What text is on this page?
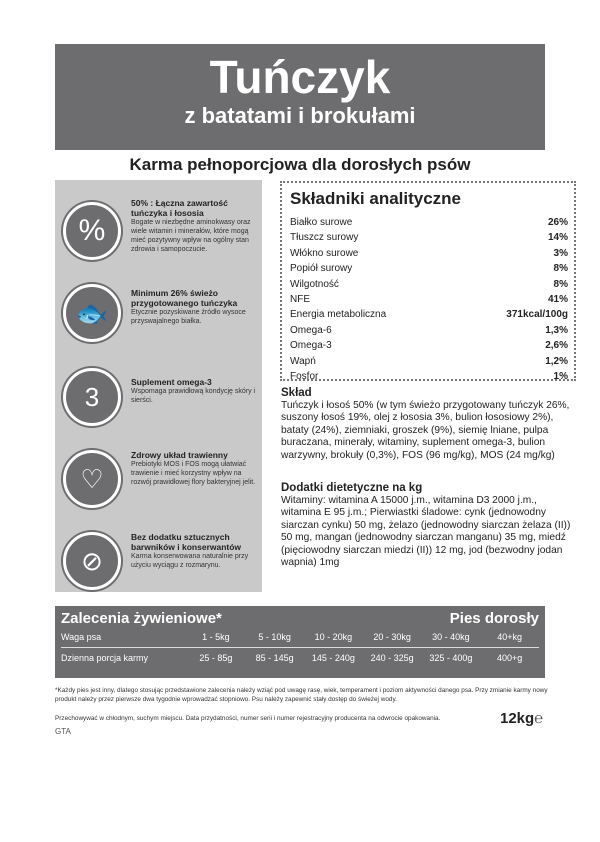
Tuńczyk
z batatami i brokułami
Karma pełnoporcjowa dla dorosłych psów
%
50% : Łączna zawartość tuńczyka i łososia
Bogate w niezbędne aminokwasy oraz wiele witamin i minerałów, które mogą mieć pozytywny wpływ na ogólny stan zdrowia i samopoczucie.
🐟
Minimum 26% świeżo przygotowanego tuńczyka
Etycznie pozyskiwane źródło wysoce przyswajalnego białka.
3	Suplement omega-3
Wspomaga prawidłową kondycję skóry i sierści.
♡
Zdrowy układ trawienny
Prebiotyki MOS i FOS mogą ułatwiać trawienie i mieć korzystny wpływ na rozwój prawidłowej flory bakteryjnej jelit.
⊘
Bez dodatku sztucznych barwników i konserwantów
Karma konserwowana naturalnie przy użyciu wyciągu z rozmarynu.
Składniki analityczne
Białko surowe	26%
Tłuszcz surowy	14%
Włókno surowe	3%
Popiół surowy	8%
Wilgotność	8%
NFE	41%
Energia metaboliczna	371kcal/100g
Omega-6	1,3%
Omega-3	2,6%
Wapń	1,2%
Fosfor	1%
Skład
Tuńczyk i łosoś 50% (w tym świeżo przygotowany tuńczyk 26%, suszony łosoś 19%, olej z łososia 3%, bulion łososiowy 2%), bataty (24%), ziemniaki, groszek (9%), siemię lniane, pulpa buraczana, minerały, witaminy, suplement omega-3, bulion warzywny, brokuły (0,3%), FOS (96 mg/kg), MOS (24 mg/kg)
Dodatki dietetyczne na kg
Witaminy: witamina A 15000 j.m., witamina D3 2000 j.m., witamina E 95 j.m.; Pierwiastki śladowe: cynk (jednowodny siarczan cynku) 50 mg, żelazo (jednowodny siarczan żelaza (II)) 50 mg, mangan (jednowodny siarczan manganu) 35 mg, miedź (pięciowodny siarczan miedzi (II)) 12 mg, jod (bezwodny jodan wapnia) 1mg
Zalecenia żywieniowe*	Pies dorosły
Waga psa	1 - 5kg	5 - 10kg	10 - 20kg	20 - 30kg	30 - 40kg	40+kg
Dzienna porcja karmy	25 - 85g	85 - 145g	145 - 240g	240 - 325g	325 - 400g	400+g
*Każdy pies jest inny, dlatego stosując przedstawione zalecenia należy wziąć pod uwagę rasę, wiek, temperament i poziom aktywności danego psa. Przy zmianie karmy nowy produkt należy przez pierwsze dwa tygodnie wprowadzać stopniowo. Psu należy zapewnić stały dostęp do świeżej wody.
Przechowywać w chłodnym, suchym miejscu. Data przydatności, numer serii i numer rejestracyjny producenta na odwrocie opakowania.	12kg℮
GTA
